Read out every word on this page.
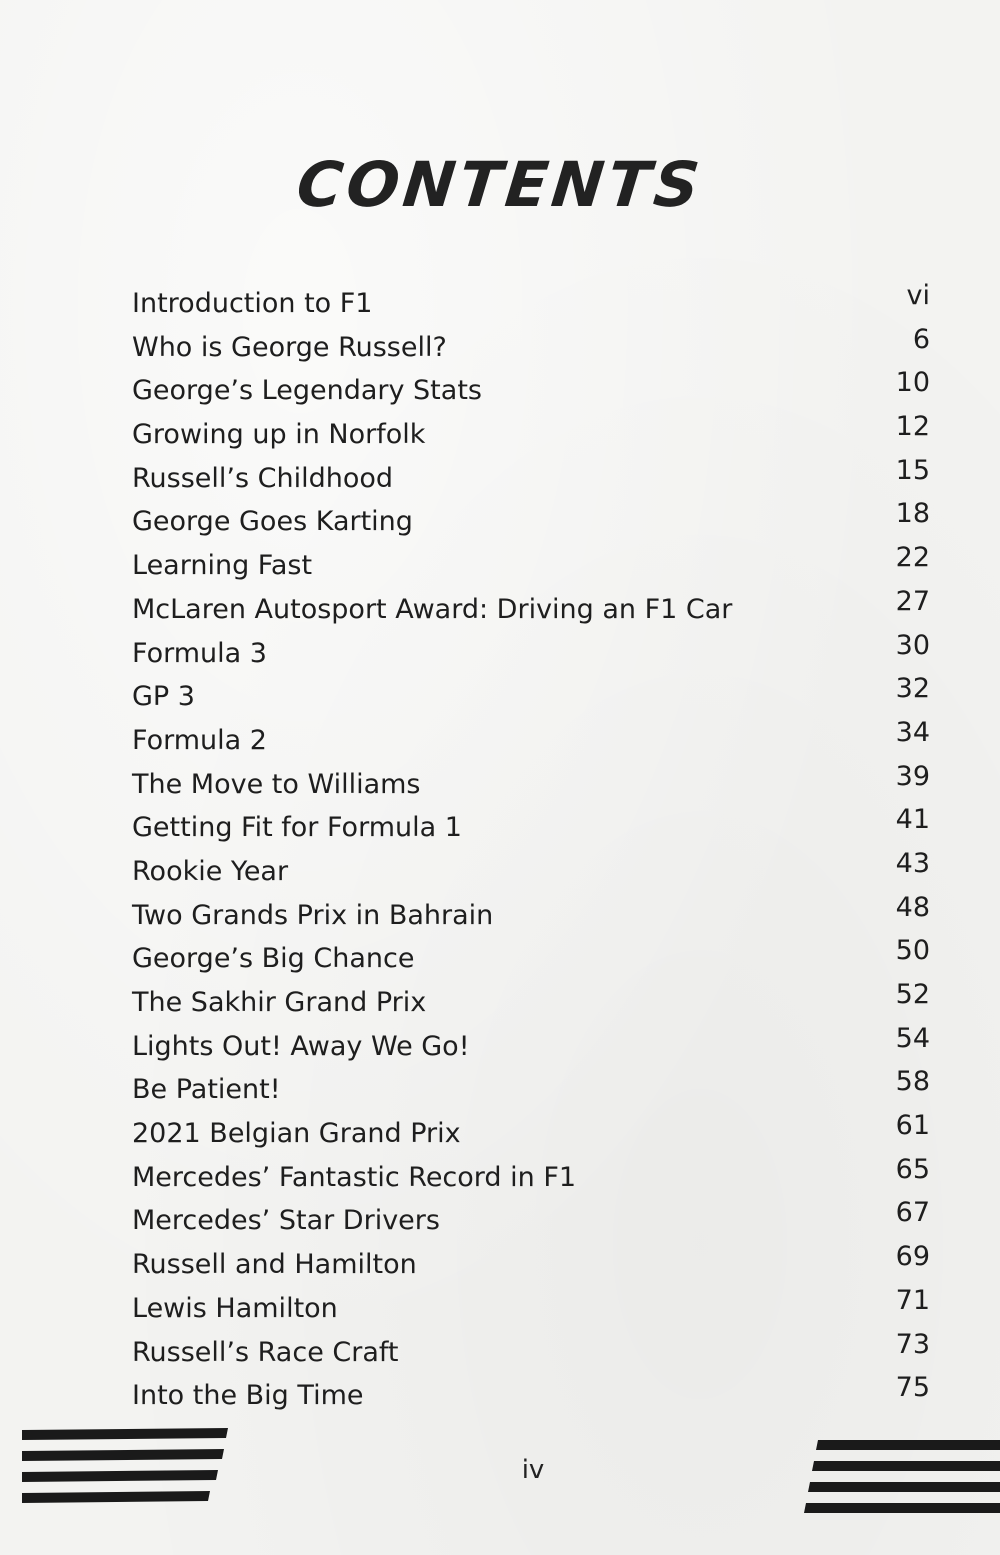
CONTENTS
Introduction to F1	vi
Who is George Russell?	6
George’s Legendary Stats	10
Growing up in Norfolk	12
Russell’s Childhood	15
George Goes Karting	18
Learning Fast	22
McLaren Autosport Award: Driving an F1 Car	27
Formula 3	30
GP 3	32
Formula 2	34
The Move to Williams	39
Getting Fit for Formula 1	41
Rookie Year	43
Two Grands Prix in Bahrain	48
George’s Big Chance	50
The Sakhir Grand Prix	52
Lights Out! Away We Go!	54
Be Patient!	58
2021 Belgian Grand Prix	61
Mercedes’ Fantastic Record in F1	65
Mercedes’ Star Drivers	67
Russell and Hamilton	69
Lewis Hamilton	71
Russell’s Race Craft	73
Into the Big Time	75
iv
